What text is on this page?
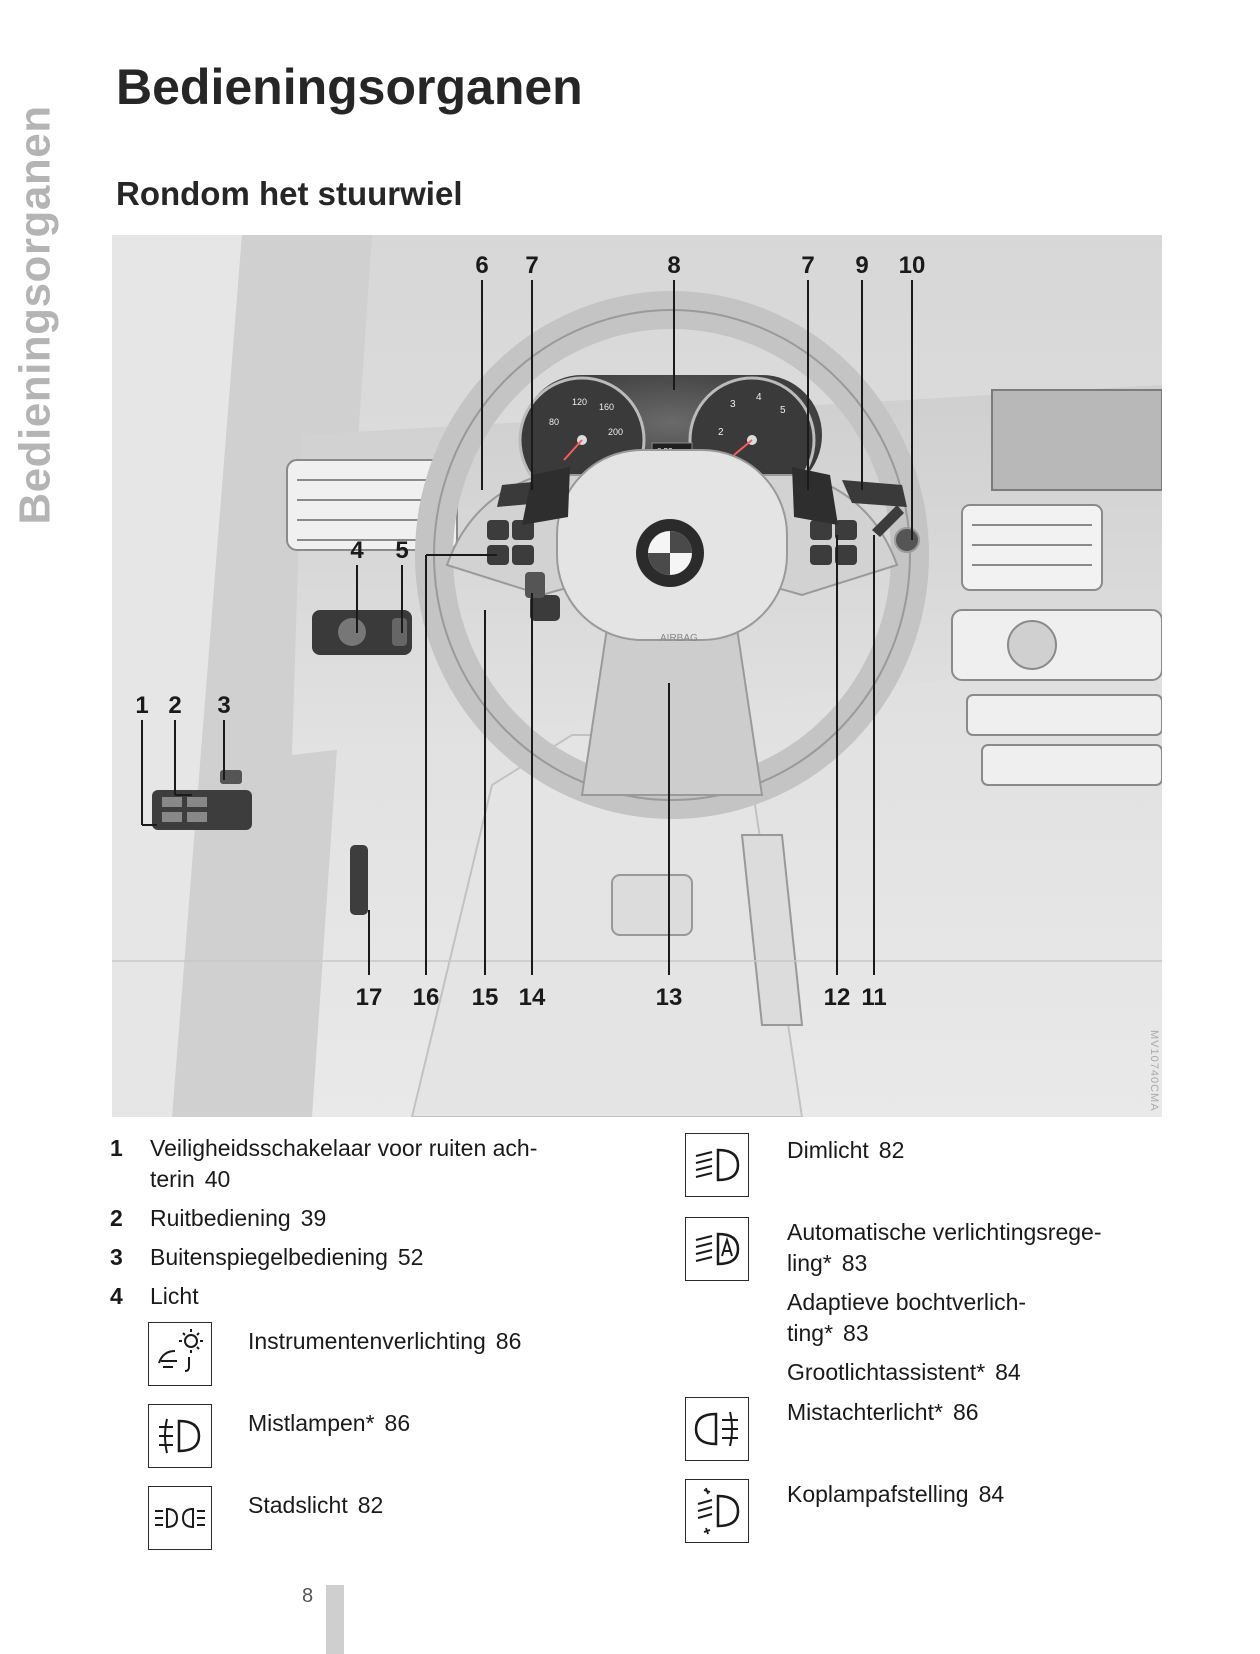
Bedieningsorganen
Bedieningsorganen
Rondom het stuurwiel
80
120 160
200	2
3
4
5
AIRBAG
6 7	8	7 9 10
4 5
1 2 3
17 16 15 14	13	12 11
MV10740CMA
1	Veiligheidsschakelaar voor ruiten ach-
terin 40
2	Ruitbediening 39
3	Buitenspiegelbediening 52
4	Licht
Instrumentenverlichting 86
Mistlampen* 86
Stadslicht 82
Dimlicht 82
Automatische verlichtingsrege-
ling* 83
Adaptieve bochtverlich-
ting* 83
Grootlichtassistent* 84
Mistachterlicht* 86
Koplampafstelling 84
8
